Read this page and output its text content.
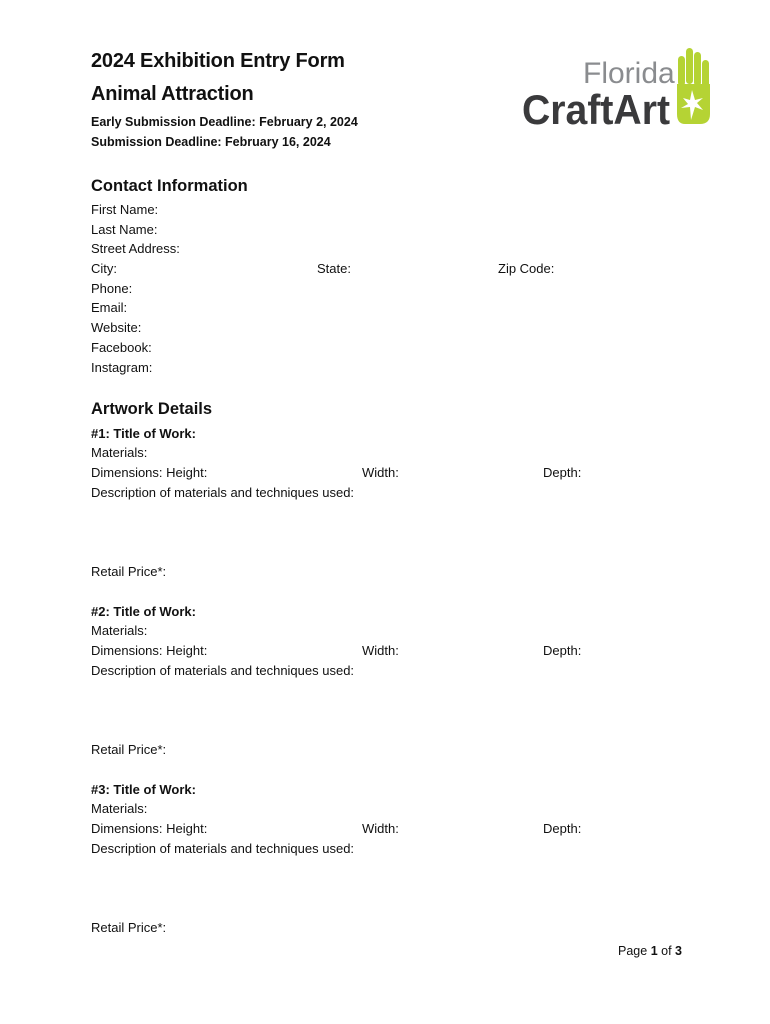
2024 Exhibition Entry Form
Animal Attraction
Early Submission Deadline: February 2, 2024
Submission Deadline: February 16, 2024
Florida
CraftArt
Contact Information
First Name:
Last Name:
Street Address:
City:	State:	Zip Code:
Phone:
Email:
Website:
Facebook:
Instagram:
Artwork Details
#1: Title of Work:
Materials:
Dimensions: Height:	Width:	Depth:
Description of materials and techniques used:
Retail Price*:
#2: Title of Work:
Materials:
Dimensions: Height:	Width:	Depth:
Description of materials and techniques used:
Retail Price*:
#3: Title of Work:
Materials:
Dimensions: Height:	Width:	Depth:
Description of materials and techniques used:
Retail Price*:
Page 1 of 3
